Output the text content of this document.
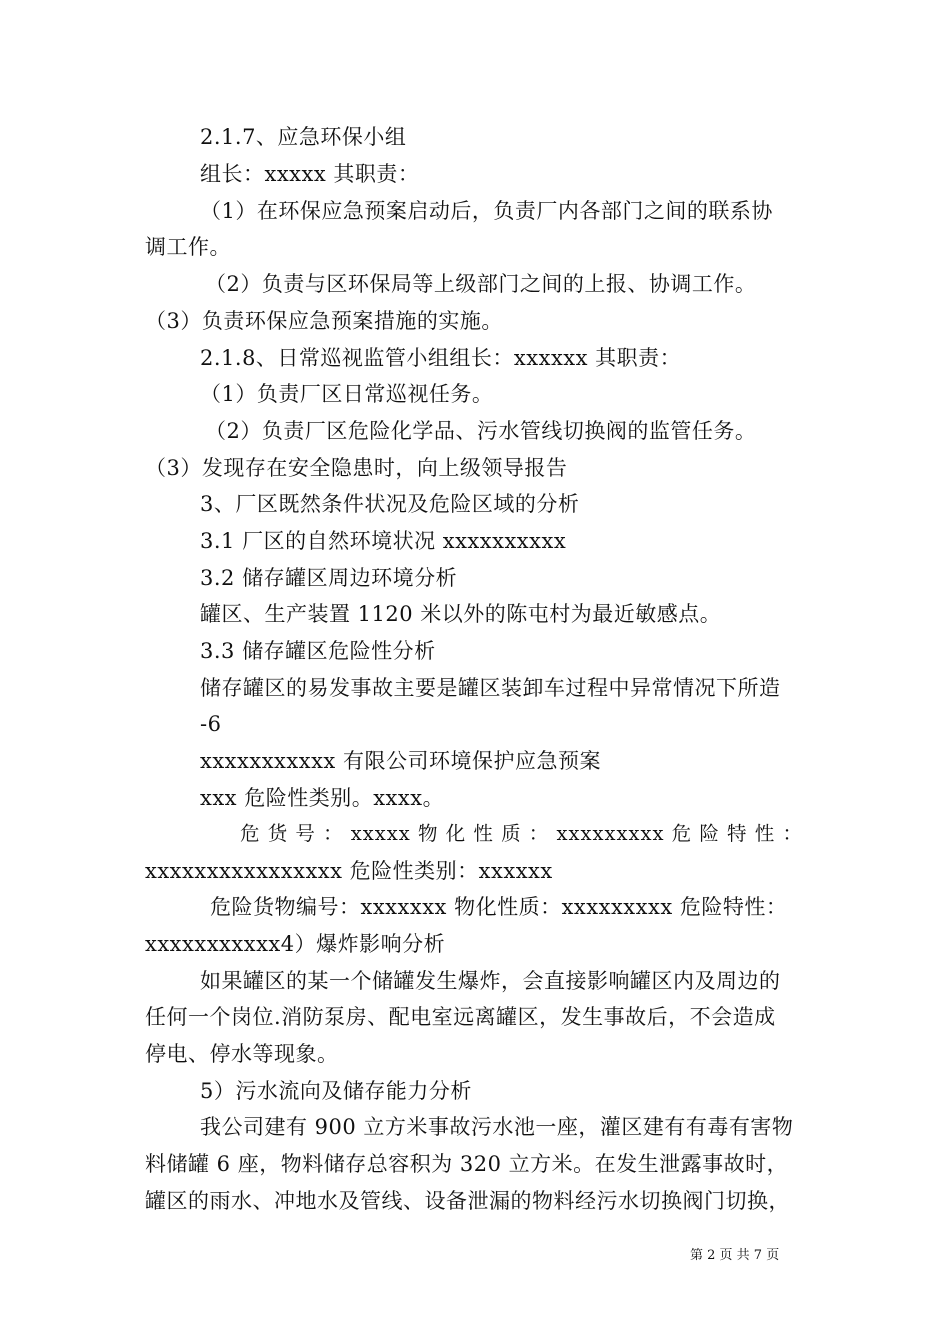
2.1.7、应急环保小组
组长：xxxxx 其职责：
（1）在环保应急预案启动后，负责厂内各部门之间的联系协
调工作。
（2）负责与区环保局等上级部门之间的上报、协调工作。
（3）负责环保应急预案措施的实施。
2.1.8、日常巡视监管小组组长：xxxxxx 其职责：
（1）负责厂区日常巡视任务。
（2）负责厂区危险化学品、污水管线切换阀的监管任务。
（3）发现存在安全隐患时，向上级领导报告
3、厂区既然条件状况及危险区域的分析
3.1 厂区的自然环境状况 xxxxxxxxxx
3.2 储存罐区周边环境分析
罐区、生产装置 1120 米以外的陈屯村为最近敏感点。
3.3 储存罐区危险性分析
储存罐区的易发事故主要是罐区装卸车过程中异常情况下所造
-6
xxxxxxxxxxx 有限公司环境保护应急预案
xxx 危险性类别。xxxx。
危 货 号 ： xxxxx 物 化 性 质 ： xxxxxxxxx 危 险 特 性 ：
xxxxxxxxxxxxxxxx 危险性类别：xxxxxx
危险货物编号：xxxxxxx 物化性质：xxxxxxxxx 危险特性：
xxxxxxxxxxx4）爆炸影响分析
如果罐区的某一个储罐发生爆炸，会直接影响罐区内及周边的
任何一个岗位.消防泵房、配电室远离罐区，发生事故后，不会造成
停电、停水等现象。
5）污水流向及储存能力分析
我公司建有 900 立方米事故污水池一座，灌区建有有毒有害物
料储罐 6 座，物料储存总容积为 320 立方米。在发生泄露事故时，
罐区的雨水、冲地水及管线、设备泄漏的物料经污水切换阀门切换，
第 2 页 共 7 页
